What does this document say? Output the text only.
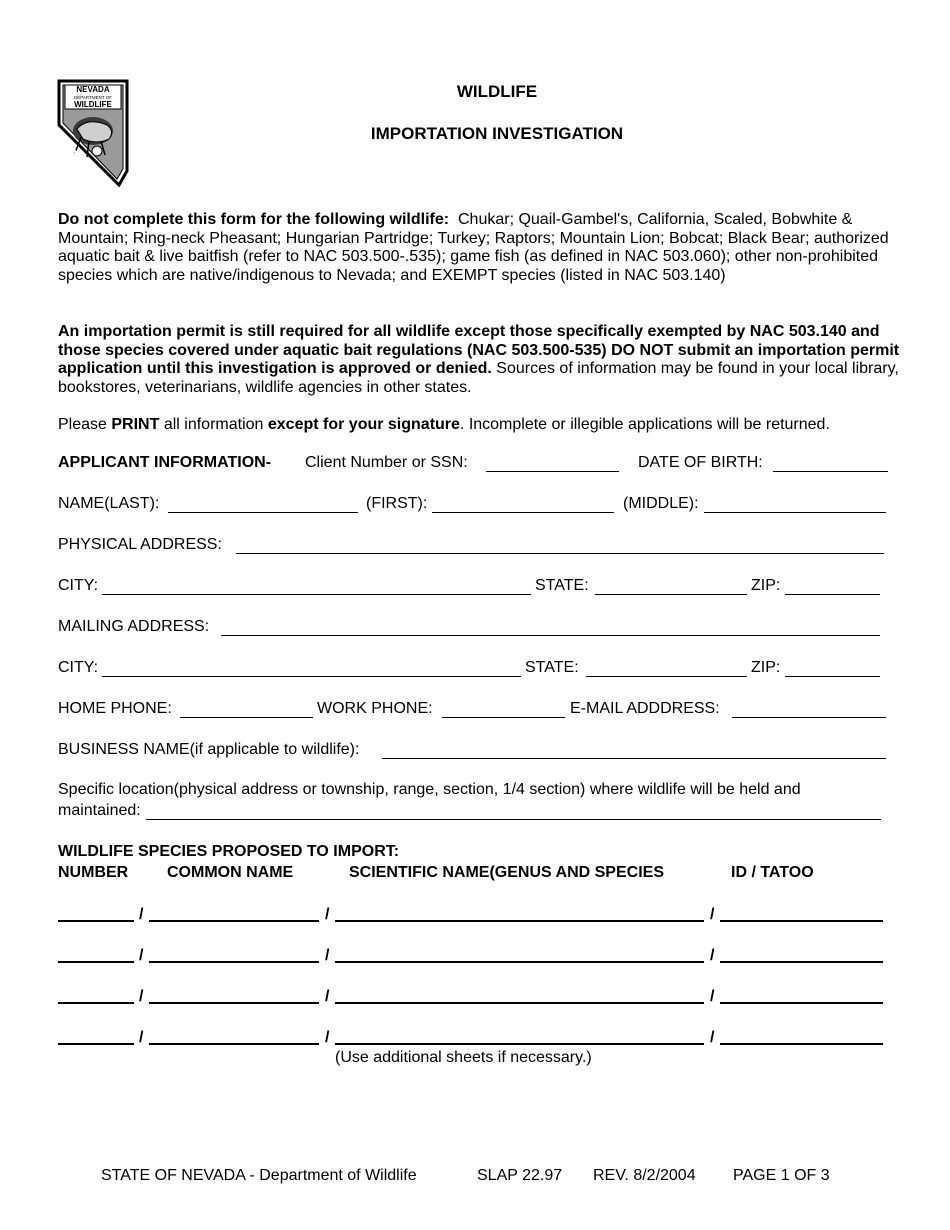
NEVADA
DEPARTMENT OF
WILDLIFE
WILDLIFE
IMPORTATION INVESTIGATION
Do not complete this form for the following wildlife: Chukar; Quail-Gambel's, California, Scaled, Bobwhite & Mountain; Ring-neck Pheasant; Hungarian Partridge; Turkey; Raptors; Mountain Lion; Bobcat; Black Bear; authorized aquatic bait & live baitfish (refer to NAC 503.500-.535); game fish (as defined in NAC 503.060); other non-prohibited species which are native/indigenous to Nevada; and EXEMPT species (listed in NAC 503.140)
An importation permit is still required for all wildlife except those specifically exempted by NAC 503.140 and those species covered under aquatic bait regulations (NAC 503.500-535) DO NOT submit an importation permit application until this investigation is approved or denied. Sources of information may be found in your local library, bookstores, veterinarians, wildlife agencies in other states.
Please PRINT all information except for your signature. Incomplete or illegible applications will be returned.
APPLICANT INFORMATION- Client Number or SSN:	DATE OF BIRTH:
NAME(LAST):	(FIRST):	(MIDDLE):
PHYSICAL ADDRESS:
CITY:	STATE:	ZIP:
MAILING ADDRESS:
CITY:	STATE:	ZIP:
HOME PHONE:	WORK PHONE:	E-MAIL ADDDRESS:
BUSINESS NAME(if applicable to wildlife):
Specific location(physical address or township, range, section, 1/4 section) where wildlife will be held and
maintained:
WILDLIFE SPECIES PROPOSED TO IMPORT:
NUMBER COMMON NAME	SCIENTIFIC NAME(GENUS AND SPECIES	ID / TATOO
/	/	/
/	/	/
/	/	/
/	/	/
(Use additional sheets if necessary.)
STATE OF NEVADA - Department of Wildlife	SLAP 22.97 REV. 8/2/2004 PAGE 1 OF 3
